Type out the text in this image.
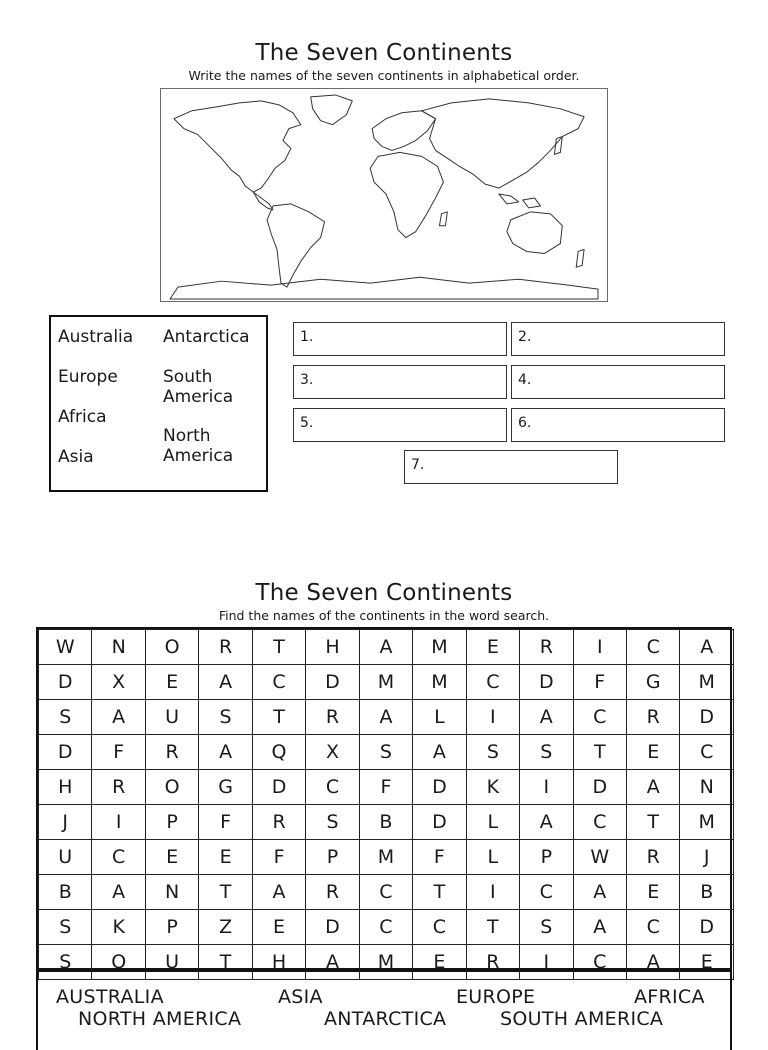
The Seven Continents
Write the names of the seven continents in alphabetical order.
Australia
Europe
Africa
Asia
Antarctica
South America
North America
1.	2.
3.	4.
5.	6.
7.
The Seven Continents
Find the names of the continents in the word search.
W	N	O	R	T	H	A	M	E	R	I	C	A
D	X	E	A	C	D	M	M	C	D	F	G	M
S	A	U	S	T	R	A	L	I	A	C	R	D
D	F	R	A	Q	X	S	A	S	S	T	E	C
H	R	O	G	D	C	F	D	K	I	D	A	N
J	I	P	F	R	S	B	D	L	A	C	T	M
U	C	E	E	F	P	M	F	L	P	W	R	J
B	A	N	T	A	R	C	T	I	C	A	E	B
S	K	P	Z	E	D	C	C	T	S	A	C	D
S	O	U	T	H	A	M	E	R	I	C	A	E
AUSTRALIA	ASIA	EUROPE	AFRICA
NORTH AMERICA	ANTARCTICA	SOUTH AMERICA
